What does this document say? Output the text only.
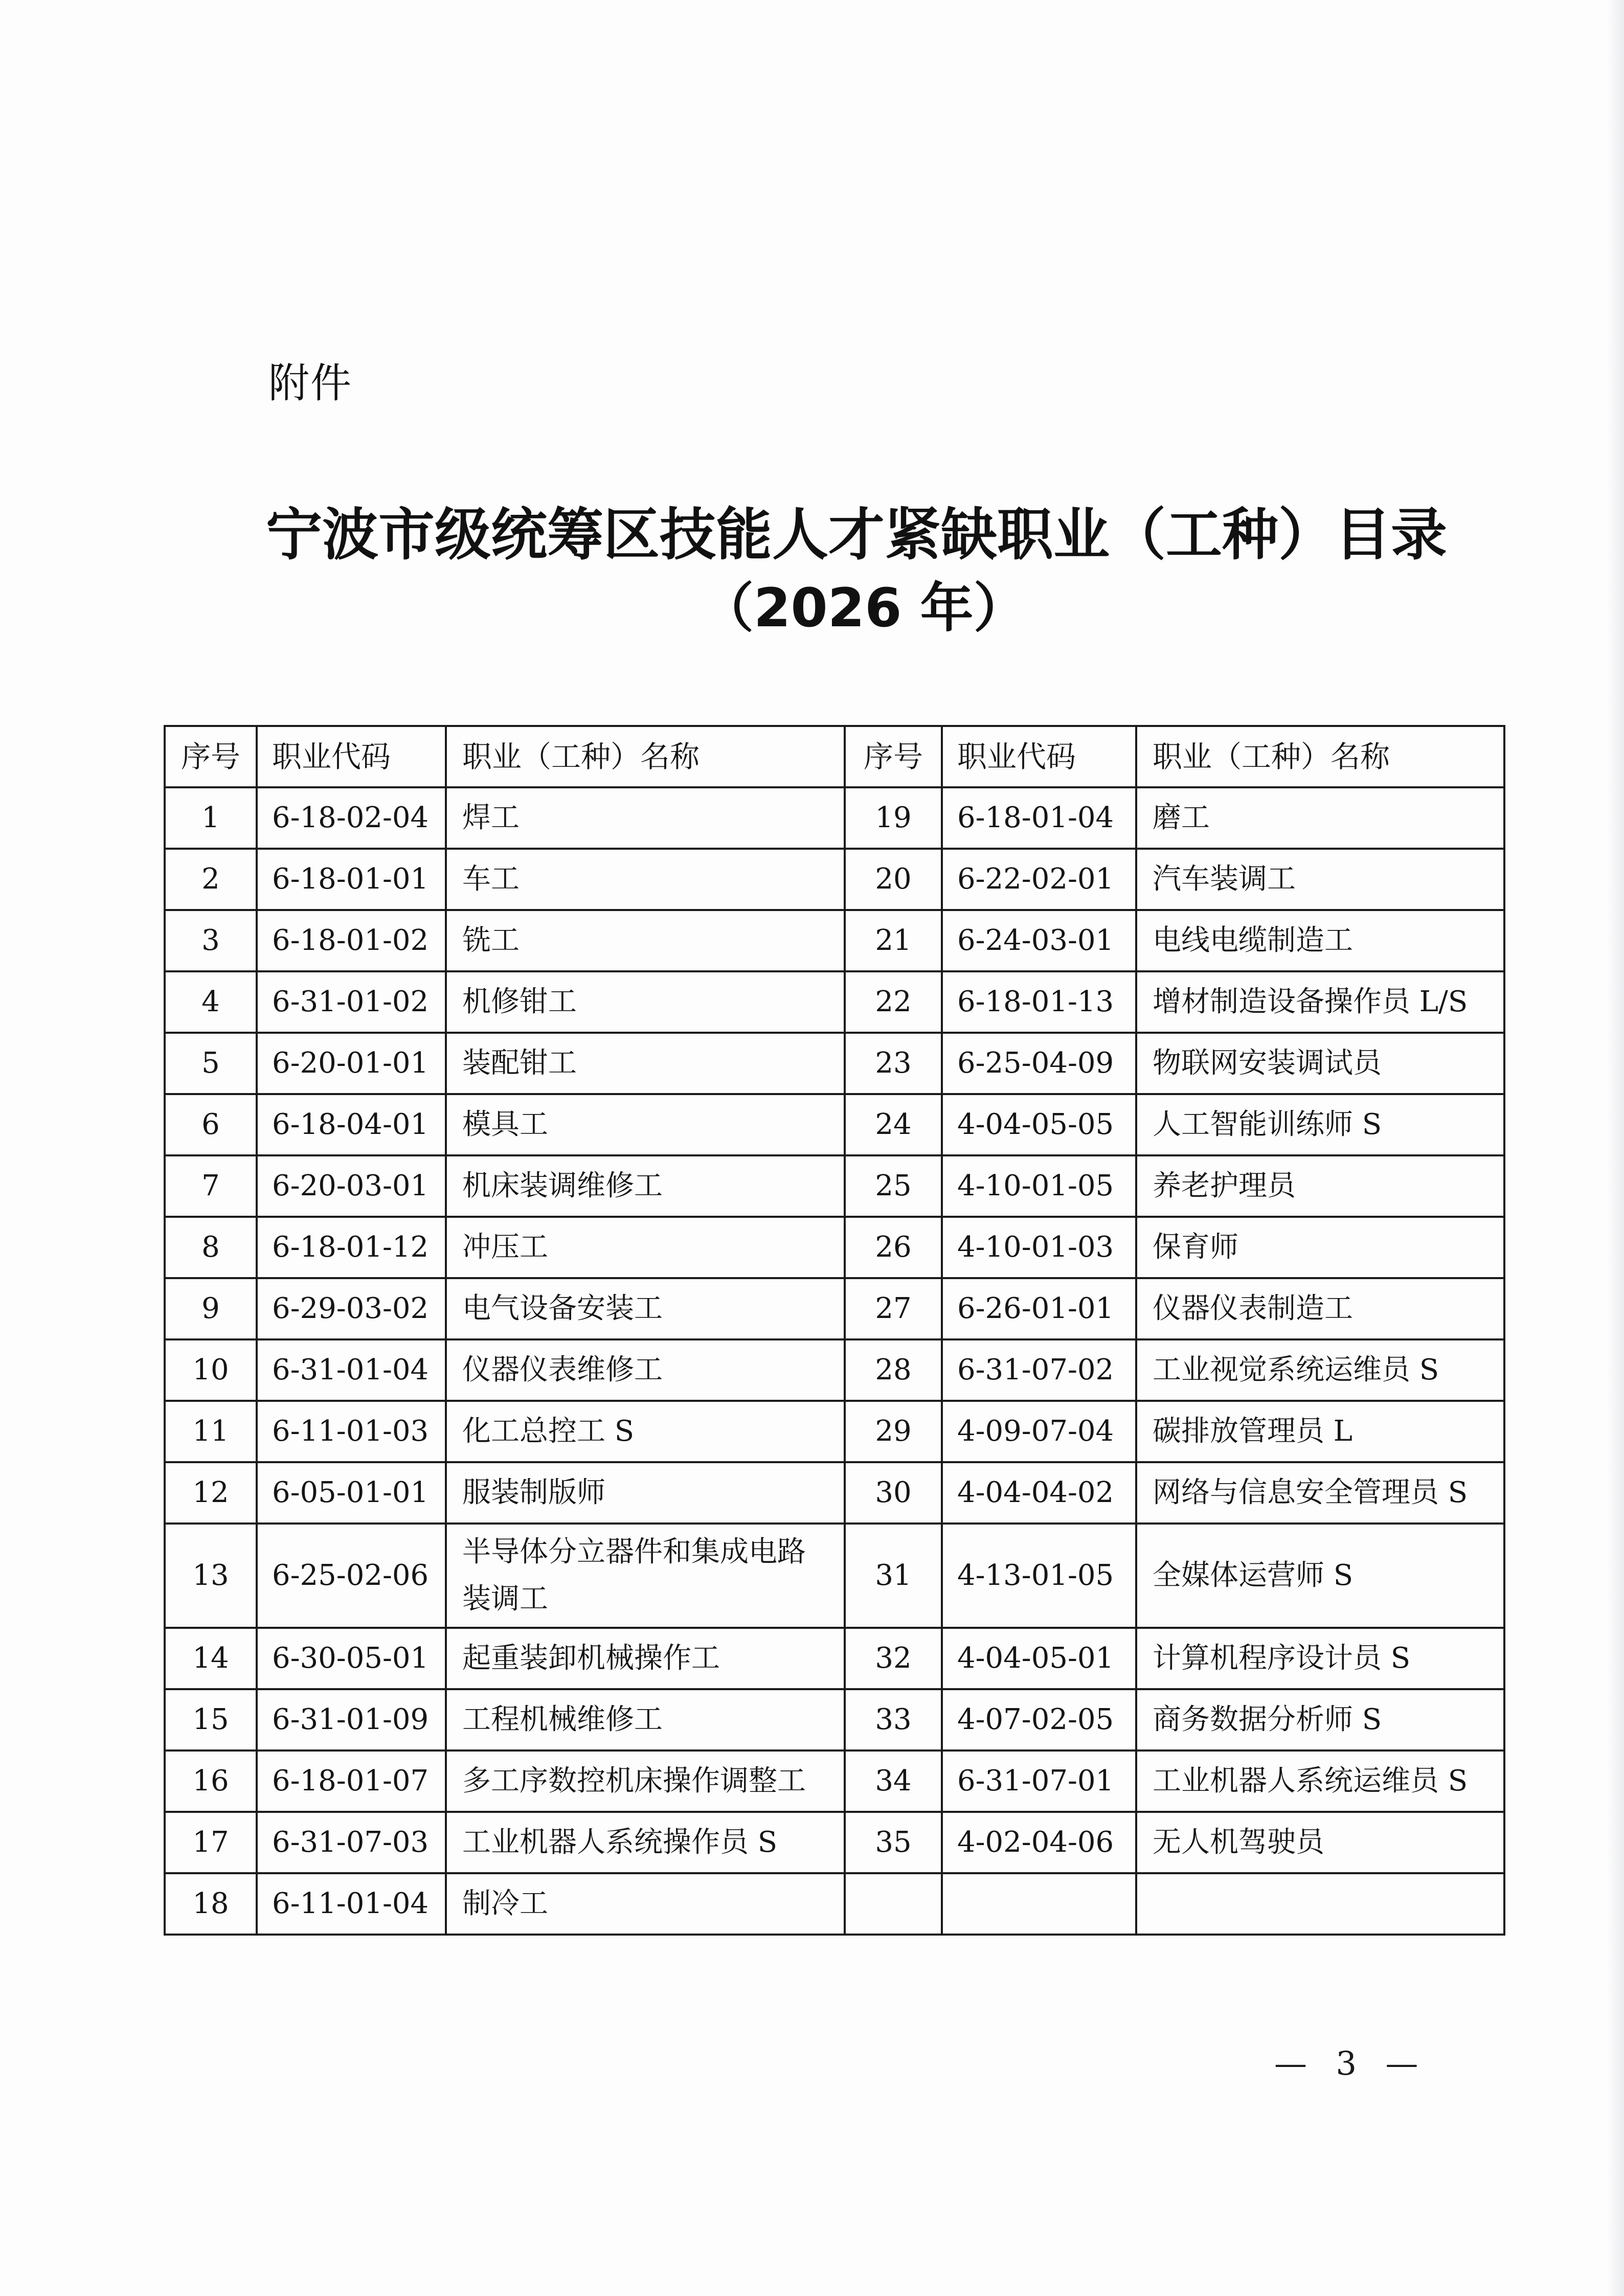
附件
宁波市级统筹区技能人才紧缺职业（工种）目录
（2026 年）
序号	职业代码	职业（工种）名称	序号	职业代码	职业（工种）名称
1	6-18-02-04	焊工	19	6-18-01-04	磨工
2	6-18-01-01	车工	20	6-22-02-01	汽车装调工
3	6-18-01-02	铣工	21	6-24-03-01	电线电缆制造工
4	6-31-01-02	机修钳工	22	6-18-01-13	增材制造设备操作员 L/S
5	6-20-01-01	装配钳工	23	6-25-04-09	物联网安装调试员
6	6-18-04-01	模具工	24	4-04-05-05	人工智能训练师 S
7	6-20-03-01	机床装调维修工	25	4-10-01-05	养老护理员
8	6-18-01-12	冲压工	26	4-10-01-03	保育师
9	6-29-03-02	电气设备安装工	27	6-26-01-01	仪器仪表制造工
10	6-31-01-04	仪器仪表维修工	28	6-31-07-02	工业视觉系统运维员 S
11	6-11-01-03	化工总控工 S	29	4-09-07-04	碳排放管理员 L
12	6-05-01-01	服装制版师	30	4-04-04-02	网络与信息安全管理员 S
13	6-25-02-06	半导体分立器件和集成电路装调工	31	4-13-01-05	全媒体运营师 S
14	6-30-05-01	起重装卸机械操作工	32	4-04-05-01	计算机程序设计员 S
15	6-31-01-09	工程机械维修工	33	4-07-02-05	商务数据分析师 S
16	6-18-01-07	多工序数控机床操作调整工	34	6-31-07-01	工业机器人系统运维员 S
17	6-31-07-03	工业机器人系统操作员 S	35	4-02-04-06	无人机驾驶员
18	6-11-01-04	制冷工			
— 3 —
